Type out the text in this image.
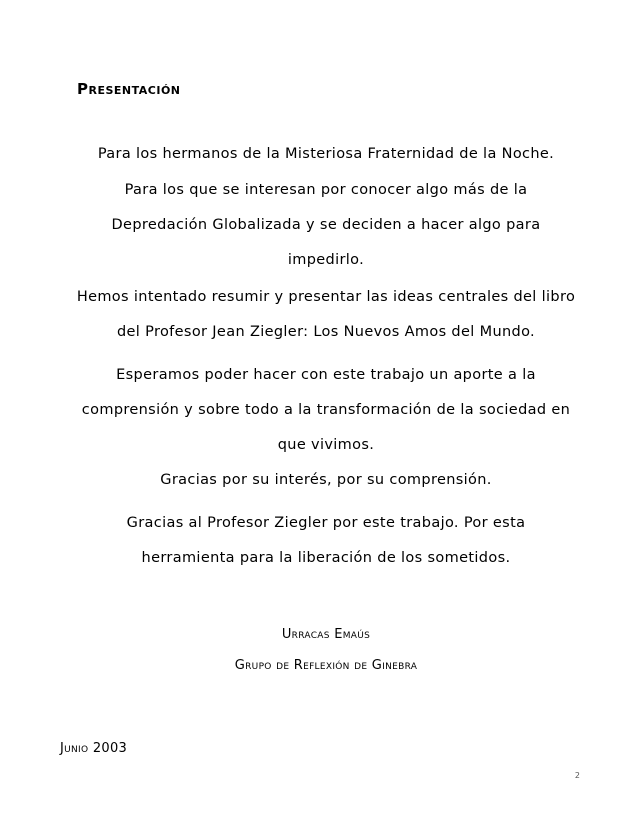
Presentación

Para los hermanos de la Misteriosa Fraternidad de la Noche.

Para los que se interesan por conocer algo más de la Depredación Globalizada y se deciden a hacer algo para impedirlo.

Hemos intentado resumir y presentar las ideas centrales del libro del Profesor Jean Ziegler: Los Nuevos Amos del Mundo.

Esperamos poder hacer con este trabajo un aporte a la comprensión y sobre todo a la transformación de la sociedad en que vivimos.

Gracias por su interés, por su comprensión.

Gracias al Profesor Ziegler por este trabajo. Por esta herramienta para la liberación de los sometidos.

Urracas Emaús

Grupo de Reflexión de Ginebra

Junio 2003

2
